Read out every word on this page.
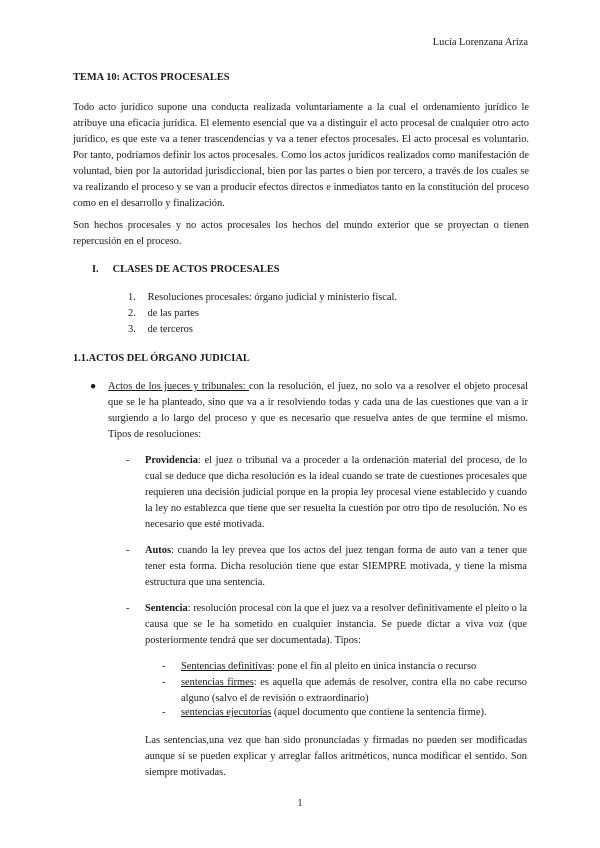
Lucía Lorenzana Ariza
TEMA 10: ACTOS PROCESALES
Todo acto jurídico supone una conducta realizada voluntariamente a la cual el ordenamiento jurídico le atribuye una eficacia jurídica. El elemento esencial que va a distinguir el acto procesal de cualquier otro acto jurídico, es que este va a tener trascendencias y va a tener efectos procesales. El acto procesal es voluntario. Por tanto, podríamos definir los actos procesales. Como los actos jurídicos realizados como manifestación de voluntad, bien por la autoridad jurisdiccional, bien por las partes o bien por tercero, a través de los cuales se va realizando el proceso y se van a producir efectos directos e inmediatos tanto en la constitución del proceso como en el desarrollo y finalización.
Son hechos procesales y no actos procesales los hechos del mundo exterior que se proyectan o tienen repercusión en el proceso.
I. CLASES DE ACTOS PROCESALES
1. Resoluciones procesales: órgano judicial y ministerio fiscal.
2. de las partes
3. de terceros
1.1.ACTOS DEL ÓRGANO JUDICIAL
●	Actos de los jueces y tribunales: con la resolución, el juez, no solo va a resolver el objeto procesal que se le ha planteado, sino que va a ir resolviendo todas y cada una de las cuestiones que van a ir surgiendo a lo largo del proceso y que es necesario que resuelva antes de que termine el mismo. Tipos de resoluciones:
-	Providencia: el juez o tribunal va a proceder a la ordenación material del proceso, de lo cual se deduce que dicha resolución es la ideal cuando se trate de cuestiones procesales que requieren una decisión judicial porque en la propia ley procesal viene establecido y cuando la ley no establezca que tiene que ser resuelta la cuestión por otro tipo de resolución. No es necesario que esté motivada.
-	Autos: cuando la ley prevea que los actos del juez tengan forma de auto van a tener que tener esta forma. Dicha resolución tiene que estar SIEMPRE motivada, y tiene la misma estructura que una sentencia.
-	Sentencia: resolución procesal con la que el juez va a resolver definitivamente el pleito o la causa que se le ha sometido en cualquier instancia. Se puede dictar a viva voz (que posteriormente tendrá que ser documentada). Tipos:
-	Sentencias definitivas: pone el fin al pleito en única instancia o recurso
-	sentencias firmes: es aquella que además de resolver, contra ella no cabe recurso alguno (salvo el de revisión o extraordinario)
-	sentencias ejecutorias (aquel documento que contiene la sentencia firme).
Las sentencias,una vez que han sido pronunciadas y firmadas no pueden ser modificadas aunque sí se pueden explicar y arreglar fallos aritméticos, nunca modificar el sentido. Son siempre motivadas.
1
